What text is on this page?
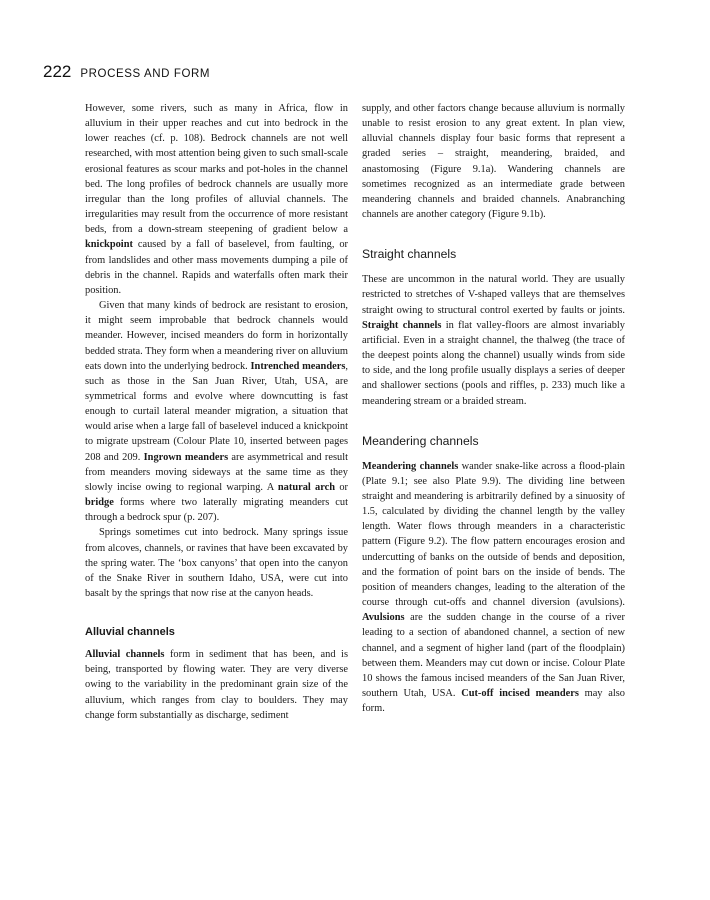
222 PROCESS AND FORM

However, some rivers, such as many in Africa, flow in alluvium in their upper reaches and cut into bedrock in the lower reaches (cf. p. 108). Bedrock channels are not well researched, with most attention being given to such small-scale erosional features as scour marks and pot-holes in the channel bed. The long profiles of bedrock channels are usually more irregular than the long profiles of alluvial channels. The irregularities may result from the occurrence of more resistant beds, from a down-stream steepening of gradient below a knickpoint caused by a fall of baselevel, from faulting, or from landslides and other mass movements dumping a pile of debris in the channel. Rapids and waterfalls often mark their position.

Given that many kinds of bedrock are resistant to erosion, it might seem improbable that bedrock channels would meander. However, incised meanders do form in horizontally bedded strata. They form when a meandering river on alluvium eats down into the underlying bedrock. Intrenched meanders, such as those in the San Juan River, Utah, USA, are symmetrical forms and evolve where downcutting is fast enough to curtail lateral meander migration, a situation that would arise when a large fall of baselevel induced a knickpoint to migrate upstream (Colour Plate 10, inserted between pages 208 and 209. Ingrown meanders are asymmetrical and result from meanders moving sideways at the same time as they slowly incise owing to regional warping. A natural arch or bridge forms where two laterally migrating meanders cut through a bedrock spur (p. 207).

Springs sometimes cut into bedrock. Many springs issue from alcoves, channels, or ravines that have been excavated by the spring water. The ‘box canyons’ that open into the canyon of the Snake River in southern Idaho, USA, were cut into basalt by the springs that now rise at the canyon heads.

Alluvial channels

Alluvial channels form in sediment that has been, and is being, transported by flowing water. They are very diverse owing to the variability in the predominant grain size of the alluvium, which ranges from clay to boulders. They may change form substantially as discharge, sediment

supply, and other factors change because alluvium is normally unable to resist erosion to any great extent. In plan view, alluvial channels display four basic forms that represent a graded series – straight, meandering, braided, and anastomosing (Figure 9.1a). Wandering channels are sometimes recognized as an intermediate grade between meandering channels and braided channels. Anabranching channels are another category (Figure 9.1b).

Straight channels

These are uncommon in the natural world. They are usually restricted to stretches of V-shaped valleys that are themselves straight owing to structural control exerted by faults or joints. Straight channels in flat valley-floors are almost invariably artificial. Even in a straight channel, the thalweg (the trace of the deepest points along the channel) usually winds from side to side, and the long profile usually displays a series of deeper and shallower sections (pools and riffles, p. 233) much like a meandering stream or a braided stream.

Meandering channels

Meandering channels wander snake-like across a flood-plain (Plate 9.1; see also Plate 9.9). The dividing line between straight and meandering is arbitrarily defined by a sinuosity of 1.5, calculated by dividing the channel length by the valley length. Water flows through meanders in a characteristic pattern (Figure 9.2). The flow pattern encourages erosion and undercutting of banks on the outside of bends and deposition, and the formation of point bars on the inside of bends. The position of meanders changes, leading to the alteration of the course through cut-offs and channel diversion (avulsions). Avulsions are the sudden change in the course of a river leading to a section of abandoned channel, a section of new channel, and a segment of higher land (part of the floodplain) between them. Meanders may cut down or incise. Colour Plate 10 shows the famous incised meanders of the San Juan River, southern Utah, USA. Cut-off incised meanders may also form.
